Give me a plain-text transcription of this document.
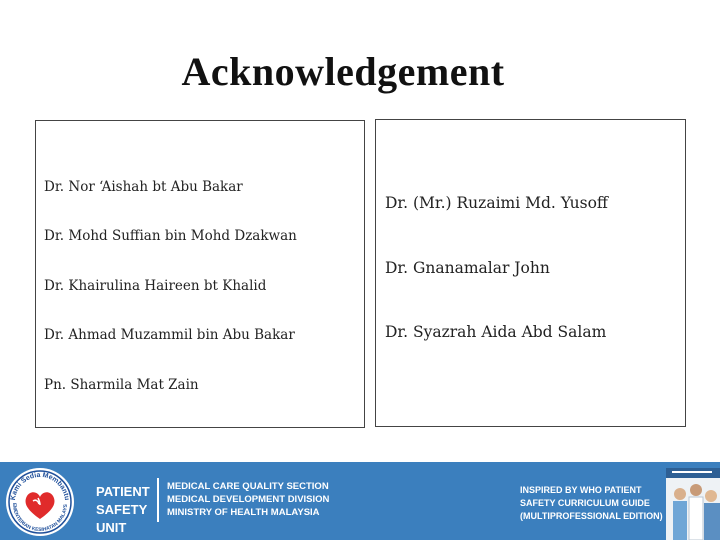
Acknowledgement
Dr. Nor ‘Aishah bt Abu Bakar
Dr. Mohd Suffian bin Mohd Dzakwan
Dr. Khairulina Haireen bt Khalid
Dr. Ahmad Muzammil bin Abu Bakar
Pn. Sharmila Mat Zain
Dr. (Mr.) Ruzaimi Md. Yusoff
Dr. Gnanamalar John
Dr. Syazrah Aida Abd Salam
Kami Sedia Membantu
EMENTERIAN KESIHATAN MALAYS
PATIENT
SAFETY UNIT
MEDICAL CARE QUALITY SECTION
MEDICAL DEVELOPMENT DIVISION
MINISTRY OF HEALTH MALAYSIA
INSPIRED BY WHO PATIENT
SAFETY CURRICULUM GUIDE
(MULTIPROFESSIONAL EDITION)
